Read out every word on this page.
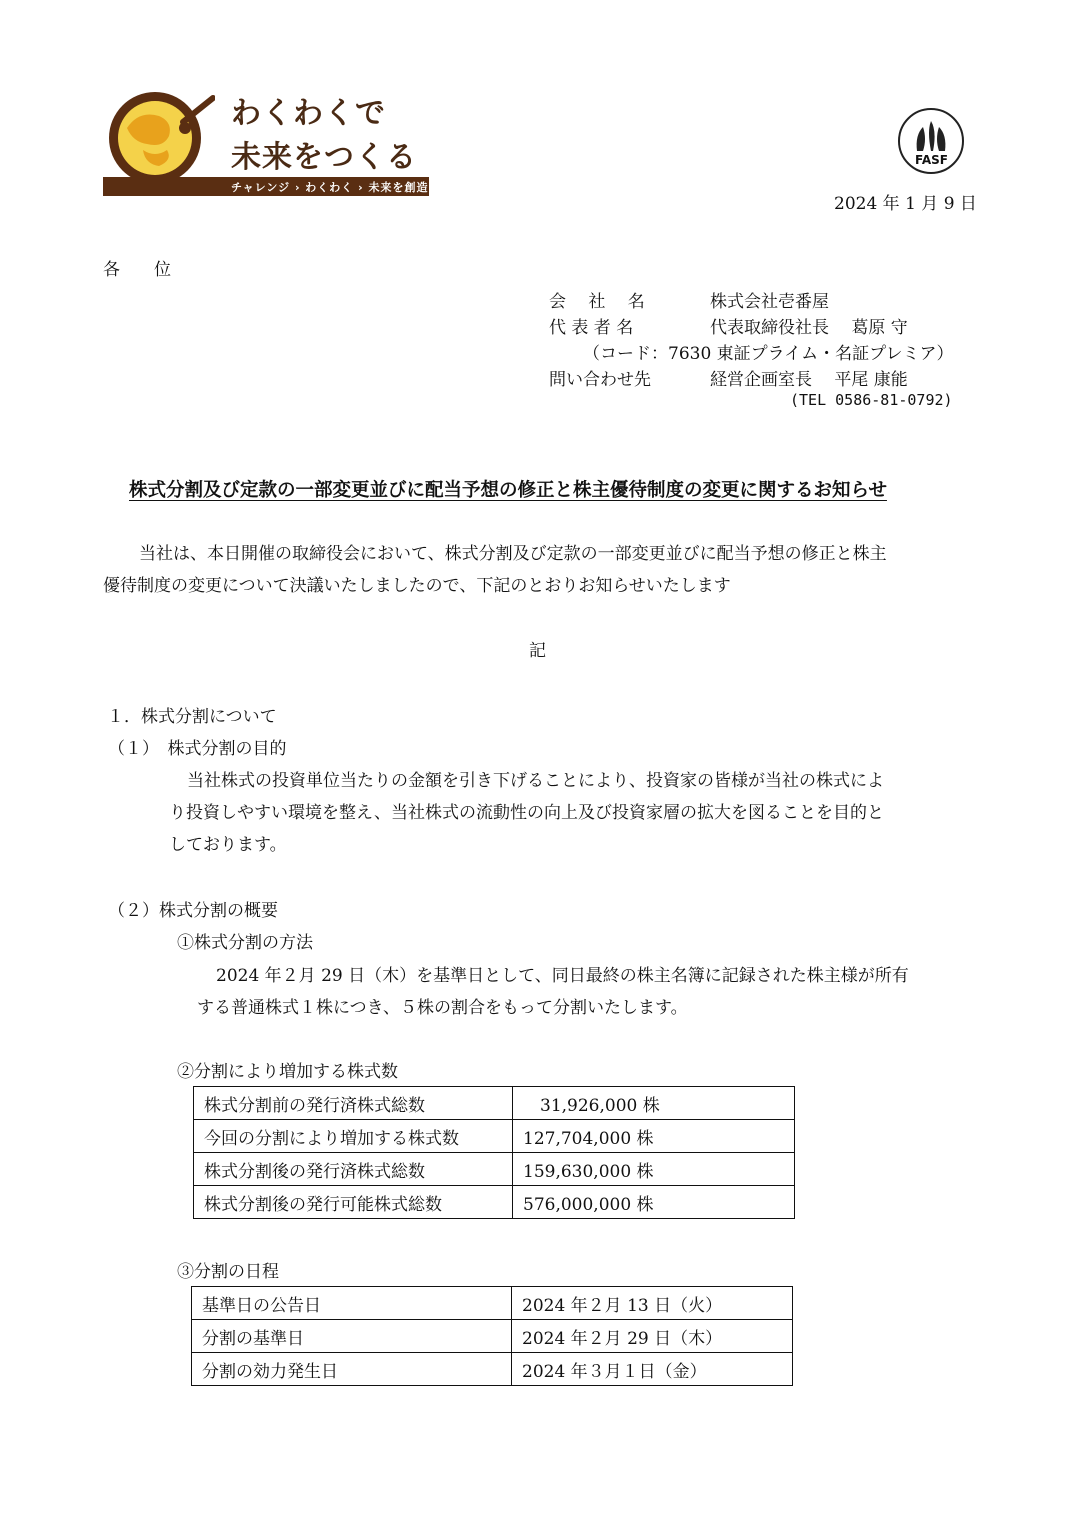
わくわくで
未来をつくる
チャレンジ › わくわく › 未来を創造
FASF
2024 年 1 月 9 日
各　　位
会　 社　 名	株式会社壱番屋
代 表 者 名	代表取締役社長　 葛原 守
（コード：7630 東証プライム・名証プレミア）
問い合わせ先	経営企画室長　 平尾 康能
(TEL 0586-81-0792)
株式分割及び定款の一部変更並びに配当予想の修正と株主優待制度の変更に関するお知らせ
当社は、本日開催の取締役会において、株式分割及び定款の一部変更並びに配当予想の修正と株主
優待制度の変更について決議いたしましたので、下記のとおりお知らせいたします
記
１．株式分割について
（１）　株式分割の目的
当社株式の投資単位当たりの金額を引き下げることにより、投資家の皆様が当社の株式によ
り投資しやすい環境を整え、当社株式の流動性の向上及び投資家層の拡大を図ることを目的と
しております。
（２）株式分割の概要
①株式分割の方法
2024 年２月 29 日（木）を基準日として、同日最終の株主名簿に記録された株主様が所有
する普通株式１株につき、５株の割合をもって分割いたします。
②分割により増加する株式数
株式分割前の発行済株式総数	　31,926,000 株
今回の分割により増加する株式数	127,704,000 株
株式分割後の発行済株式総数	159,630,000 株
株式分割後の発行可能株式総数	576,000,000 株
③分割の日程
基準日の公告日	2024 年２月 13 日（火）
分割の基準日	2024 年２月 29 日（木）
分割の効力発生日	2024 年３月１日（金）
